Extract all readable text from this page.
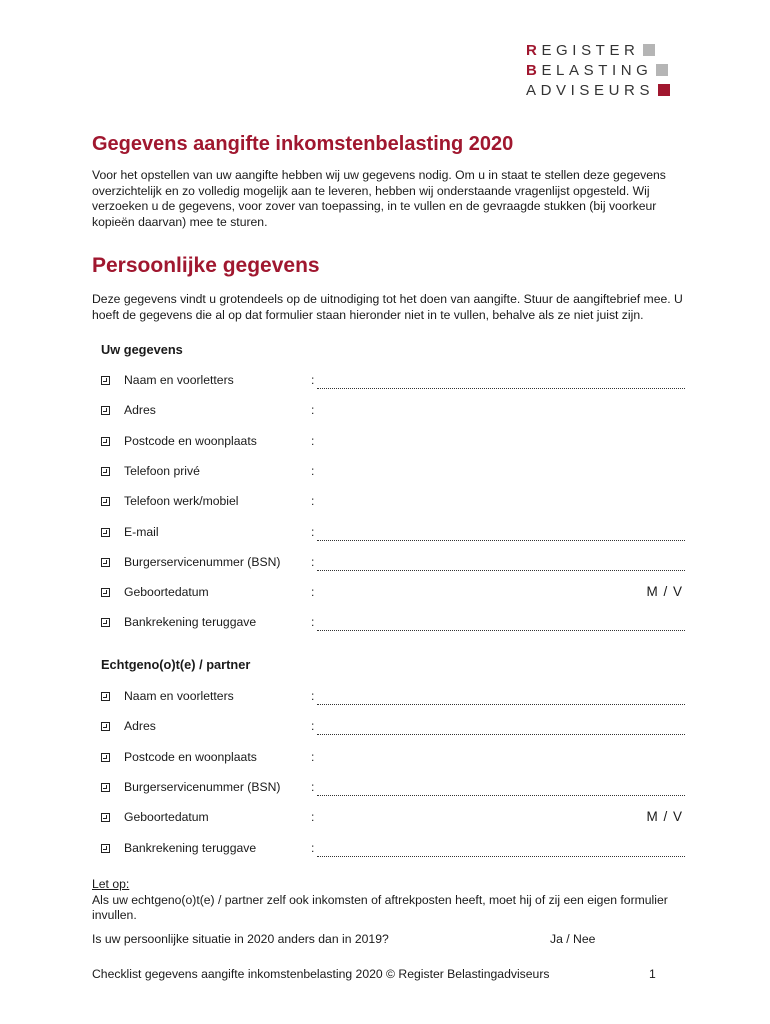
R EGISTER
B ELASTING
ADVISEURS
Gegevens aangifte inkomstenbelasting 2020

Voor het opstellen van uw aangifte hebben wij uw gegevens nodig. Om u in staat te stellen deze gegevens overzichtelijk en zo volledig mogelijk aan te leveren, hebben wij onderstaande vragenlijst opgesteld. Wij verzoeken u de gegevens, voor zover van toepassing, in te vullen en de gevraagde stukken (bij voorkeur kopieën daarvan) mee te sturen.

Persoonlijke gegevens

Deze gegevens vindt u grotendeels op de uitnodiging tot het doen van aangifte. Stuur de aangiftebrief mee. U hoeft de gegevens die al op dat formulier staan hieronder niet in te vullen, behalve als ze niet juist zijn.

Uw gegevens
Naam en voorletters	:
Adres	:
Postcode en woonplaats	:
Telefoon privé	:
Telefoon werk/mobiel	:
E-mail	:
Burgerservicenummer (BSN)	:
Geboortedatum	:	M / V
Bankrekening teruggave	:
Echtgeno(o)t(e) / partner
Naam en voorletters	:
Adres	:
Postcode en woonplaats	:
Burgerservicenummer (BSN)	:
Geboortedatum	:	M / V
Bankrekening teruggave	:
Let op:
Als uw echtgeno(o)t(e) / partner zelf ook inkomsten of aftrekposten heeft, moet hij of zij een eigen formulier invullen.
Is uw persoonlijke situatie in 2020 anders dan in 2019?	Ja / Nee
Checklist gegevens aangifte inkomstenbelasting 2020 © Register Belastingadviseurs	1
